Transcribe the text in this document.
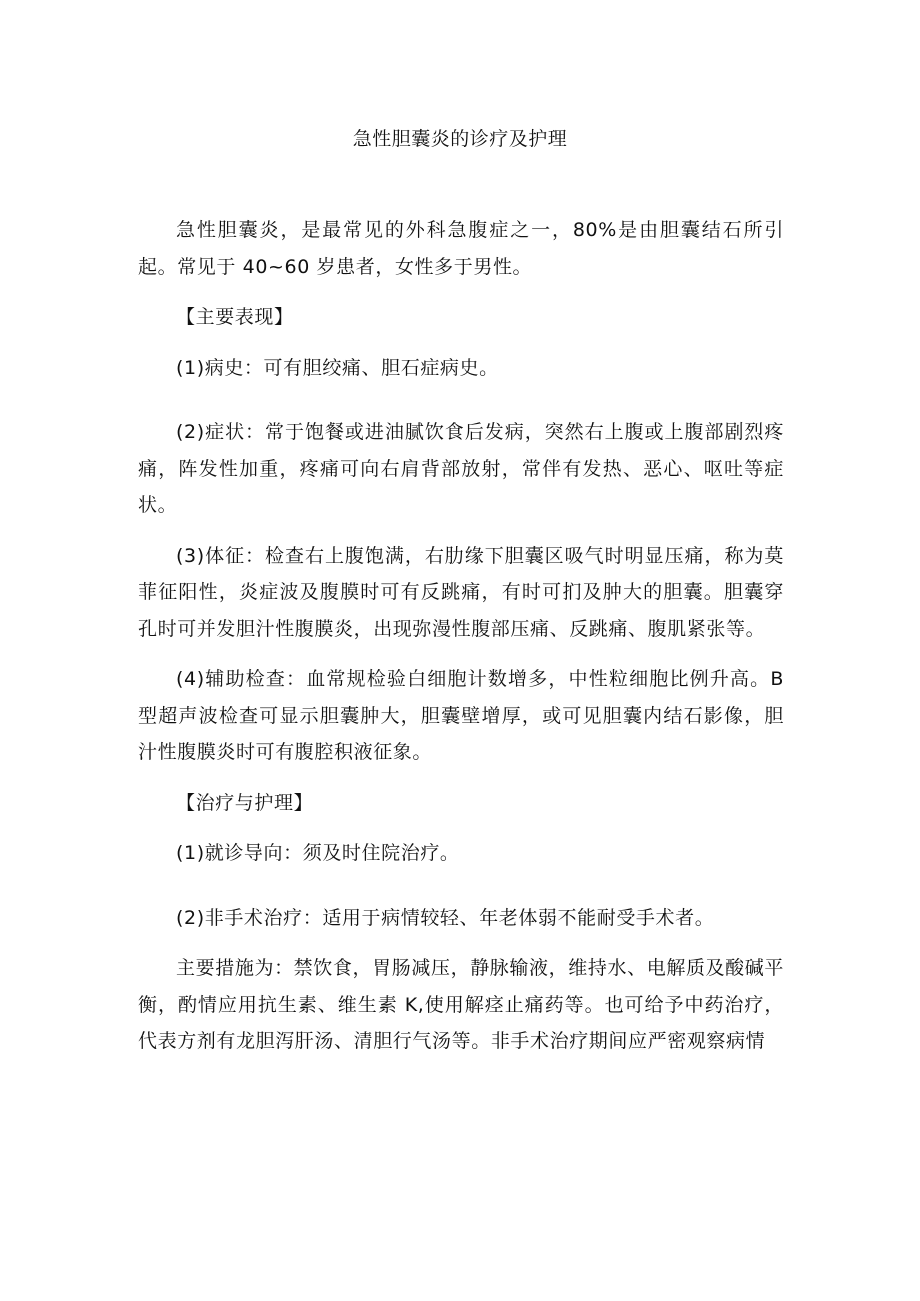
急性胆囊炎的诊疗及护理

急性胆囊炎，是最常见的外科急腹症之一，80%是由胆囊结石所引起。常见于 40~60 岁患者，女性多于男性。

【主要表现】

(1)病史：可有胆绞痛、胆石症病史。

(2)症状：常于饱餐或进油腻饮食后发病，突然右上腹或上腹部剧烈疼痛，阵发性加重，疼痛可向右肩背部放射，常伴有发热、恶心、呕吐等症状。

(3)体征：检查右上腹饱满，右肋缘下胆囊区吸气时明显压痛，称为莫菲征阳性，炎症波及腹膜时可有反跳痛，有时可扪及肿大的胆囊。胆囊穿孔时可并发胆汁性腹膜炎，出现弥漫性腹部压痛、反跳痛、腹肌紧张等。

(4)辅助检查：血常规检验白细胞计数增多，中性粒细胞比例升高。B 型超声波检查可显示胆囊肿大，胆囊壁增厚，或可见胆囊内结石影像，胆汁性腹膜炎时可有腹腔积液征象。

【治疗与护理】

(1)就诊导向：须及时住院治疗。

(2)非手术治疗：适用于病情较轻、年老体弱不能耐受手术者。

主要措施为：禁饮食，胃肠减压，静脉输液，维持水、电解质及酸碱平衡，酌情应用抗生素、维生素 K,使用解痉止痛药等。也可给予中药治疗，代表方剂有龙胆泻肝汤、清胆行气汤等。非手术治疗期间应严密观察病情
